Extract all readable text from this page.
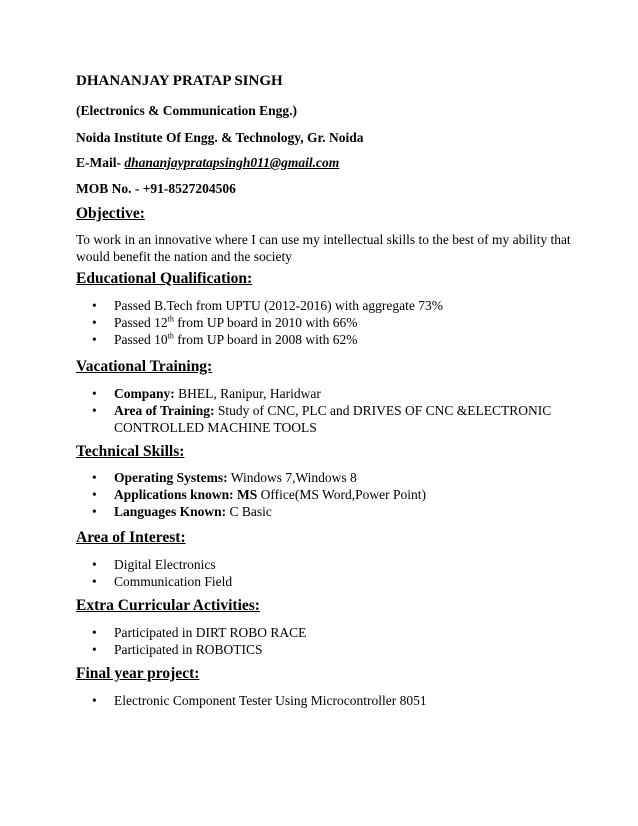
DHANANJAY PRATAP SINGH
(Electronics & Communication Engg.)
Noida Institute Of Engg. & Technology, Gr. Noida
E-Mail- dhananjaypratapsingh011@gmail.com
MOB No. - +91-8527204506
Objective:
To work in an innovative where I can use my intellectual skills to the best of my ability that would benefit the nation and the society
Educational Qualification:
• Passed B.Tech from UPTU (2012-2016) with aggregate 73%
• Passed 12th from UP board in 2010 with 66%
• Passed 10th from UP board in 2008 with 62%
Vacational Training:
• Company: BHEL, Ranipur, Haridwar
• Area of Training: Study of CNC, PLC and DRIVES OF CNC &ELECTRONIC CONTROLLED MACHINE TOOLS
Technical Skills:
• Operating Systems: Windows 7,Windows 8
• Applications known: MS Office(MS Word,Power Point)
• Languages Known: C Basic
Area of Interest:
• Digital Electronics
• Communication Field
Extra Curricular Activities:
• Participated in DIRT ROBO RACE
• Participated in ROBOTICS
Final year project:
• Electronic Component Tester Using Microcontroller 8051
